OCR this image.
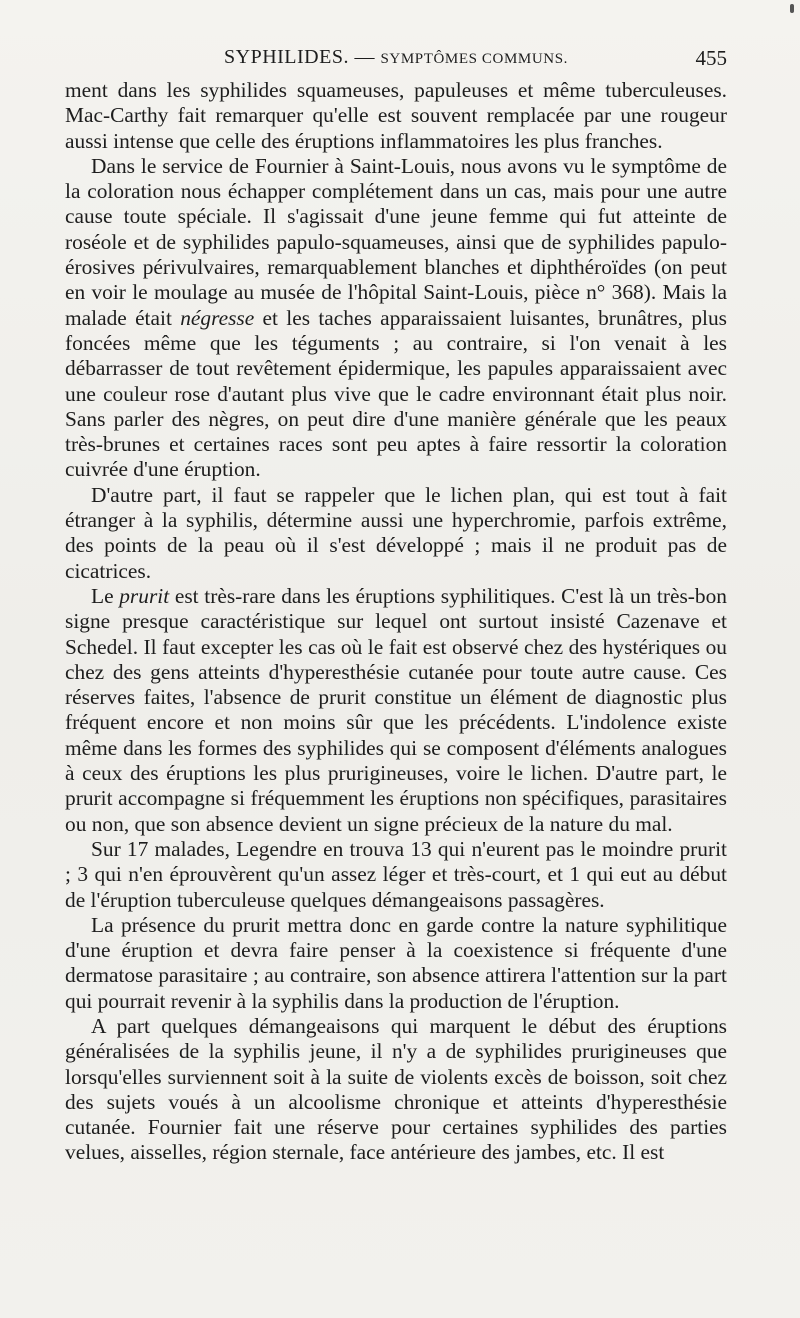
SYPHILIDES. — SYMPTÔMES COMMUNS.	455

ment dans les syphilides squameuses, papuleuses et même tuberculeuses. Mac-Carthy fait remarquer qu'elle est souvent remplacée par une rougeur aussi intense que celle des éruptions inflammatoires les plus franches.

Dans le service de Fournier à Saint-Louis, nous avons vu le symptôme de la coloration nous échapper complétement dans un cas, mais pour une autre cause toute spéciale. Il s'agissait d'une jeune femme qui fut atteinte de roséole et de syphilides papulo-squameuses, ainsi que de syphilides papulo-érosives périvulvaires, remarquablement blanches et diphthéroïdes (on peut en voir le moulage au musée de l'hôpital Saint-Louis, pièce n° 368). Mais la malade était négresse et les taches apparaissaient luisantes, brunâtres, plus foncées même que les téguments ; au contraire, si l'on venait à les débarrasser de tout revêtement épidermique, les papules apparaissaient avec une couleur rose d'autant plus vive que le cadre environnant était plus noir. Sans parler des nègres, on peut dire d'une manière générale que les peaux très-brunes et certaines races sont peu aptes à faire ressortir la coloration cuivrée d'une éruption.

D'autre part, il faut se rappeler que le lichen plan, qui est tout à fait étranger à la syphilis, détermine aussi une hyperchromie, parfois extrême, des points de la peau où il s'est développé ; mais il ne produit pas de cicatrices.

Le prurit est très-rare dans les éruptions syphilitiques. C'est là un très-bon signe presque caractéristique sur lequel ont surtout insisté Cazenave et Schedel. Il faut excepter les cas où le fait est observé chez des hystériques ou chez des gens atteints d'hyperesthésie cutanée pour toute autre cause. Ces réserves faites, l'absence de prurit constitue un élément de diagnostic plus fréquent encore et non moins sûr que les précédents. L'indolence existe même dans les formes des syphilides qui se composent d'éléments analogues à ceux des éruptions les plus prurigineuses, voire le lichen. D'autre part, le prurit accompagne si fréquemment les éruptions non spécifiques, parasitaires ou non, que son absence devient un signe précieux de la nature du mal.

Sur 17 malades, Legendre en trouva 13 qui n'eurent pas le moindre prurit ; 3 qui n'en éprouvèrent qu'un assez léger et très-court, et 1 qui eut au début de l'éruption tuberculeuse quelques démangeaisons passagères.

La présence du prurit mettra donc en garde contre la nature syphilitique d'une éruption et devra faire penser à la coexistence si fréquente d'une dermatose parasitaire ; au contraire, son absence attirera l'attention sur la part qui pourrait revenir à la syphilis dans la production de l'éruption.

A part quelques démangeaisons qui marquent le début des éruptions généralisées de la syphilis jeune, il n'y a de syphilides prurigineuses que lorsqu'elles surviennent soit à la suite de violents excès de boisson, soit chez des sujets voués à un alcoolisme chronique et atteints d'hyperesthésie cutanée. Fournier fait une réserve pour certaines syphilides des parties velues, aisselles, région sternale, face antérieure des jambes, etc. Il est
